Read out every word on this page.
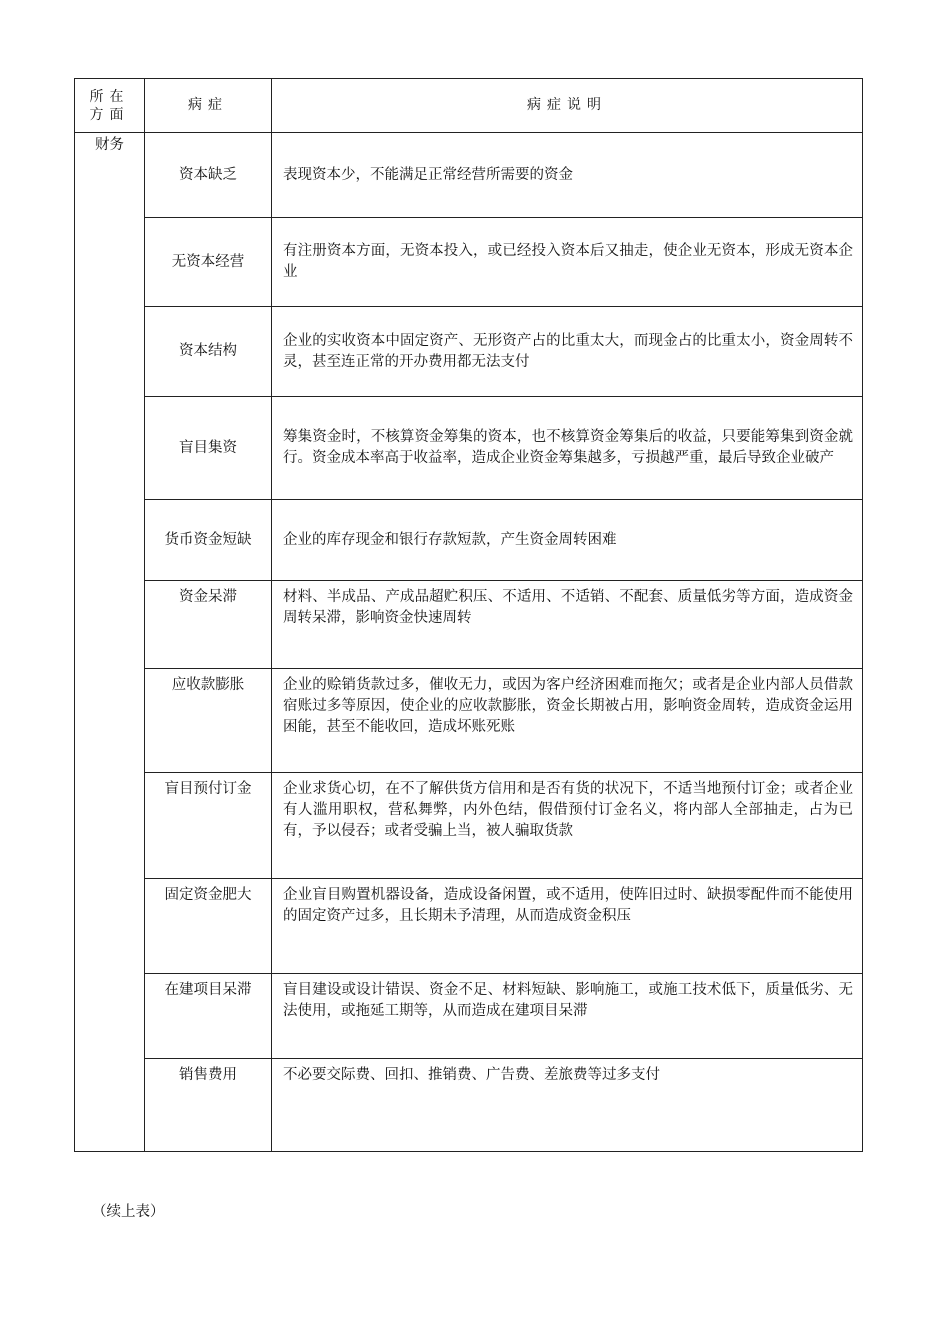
所在
方面	病症	病症说明
财务	资本缺乏	表现资本少，不能满足正常经营所需要的资金
	无资本经营	有注册资本方面，无资本投入，或已经投入资本后又抽走，使企业无资本，形成无资本企业
	资本结构	企业的实收资本中固定资产、无形资产占的比重太大，而现金占的比重太小，资金周转不灵，甚至连正常的开办费用都无法支付
	盲目集资	筹集资金时，不核算资金筹集的资本，也不核算资金筹集后的收益，只要能筹集到资金就行。资金成本率高于收益率，造成企业资金筹集越多，亏损越严重，最后导致企业破产
	货币资金短缺	企业的库存现金和银行存款短款，产生资金周转困难
	资金呆滞	材料、半成品、产成品超贮积压、不适用、不适销、不配套、质量低劣等方面，造成资金周转呆滞，影响资金快速周转
	应收款膨胀	企业的赊销货款过多，催收无力，或因为客户经济困难而拖欠；或者是企业内部人员借款宿账过多等原因，使企业的应收款膨胀，资金长期被占用，影响资金周转，造成资金运用困能，甚至不能收回，造成坏账死账
	盲目预付订金	企业求货心切，在不了解供货方信用和是否有货的状况下，不适当地预付订金；或者企业有人滥用职权，营私舞弊，内外色结，假借预付订金名义，将内部人全部抽走，占为已有，予以侵吞；或者受骗上当，被人骗取货款
	固定资金肥大	企业盲目购置机器设备，造成设备闲置，或不适用，使阵旧过时、缺损零配件而不能使用的固定资产过多，且长期未予清理，从而造成资金积压
	在建项目呆滞	盲目建设或设计错误、资金不足、材料短缺、影响施工，或施工技术低下，质量低劣、无法使用，或拖延工期等，从而造成在建项目呆滞
	销售费用	不必要交际费、回扣、推销费、广告费、差旅费等过多支付
（续上表）
